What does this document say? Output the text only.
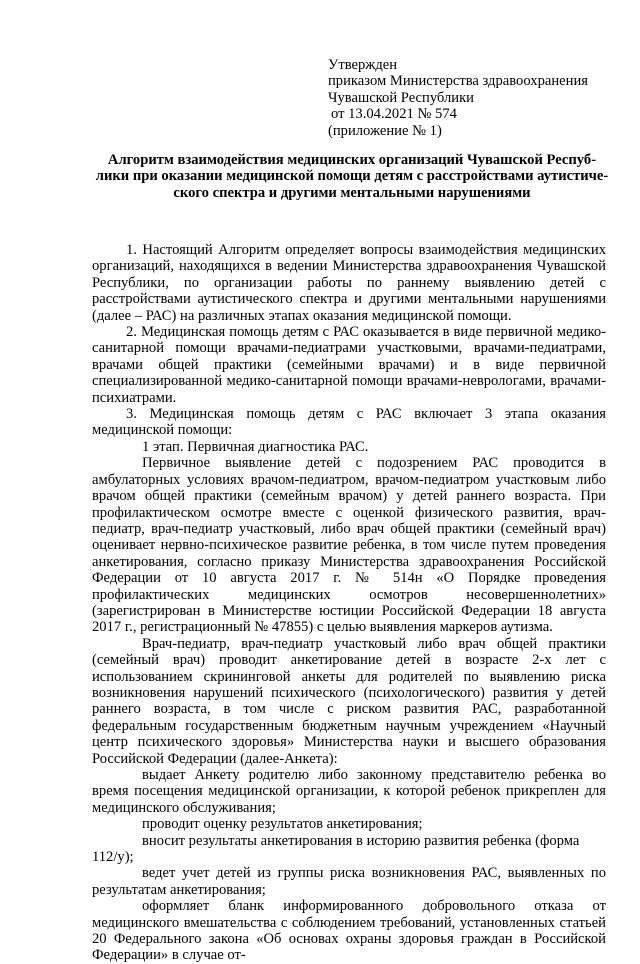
Утвержден
приказом Министерства здравоохранения
Чувашской Республики
от 13.04.2021 № 574
(приложение № 1)
Алгоритм взаимодействия медицинских организаций Чувашской Респуб-
лики при оказании медицинской помощи детям с расстройствами аутистиче-
ского спектра и другими ментальными нарушениями

1. Настоящий Алгоритм определяет вопросы взаимодействия медицинских организаций, находящихся в ведении Министерства здравоохранения Чувашской Республики, по организации работы по раннему выявлению детей с расстройствами аутистического спектра и другими ментальными нарушениями (далее – РАС) на различных этапах оказания медицинской помощи.

2. Медицинская помощь детям с РАС оказывается в виде первичной медико-санитарной помощи врачами-педиатрами участковыми, врачами-педиатрами, врачами общей практики (семейными врачами) и в виде первичной специализированной медико-санитарной помощи врачами-неврологами, врачами-психиатрами.

3. Медицинская помощь детям с РАС включает 3 этапа оказания медицинской помощи:

1 этап. Первичная диагностика РАС.

Первичное выявление детей с подозрением РАС проводится в амбулаторных условиях врачом-педиатром, врачом-педиатром участковым либо врачом общей практики (семейным врачом) у детей раннего возраста. При профилактическом осмотре вместе с оценкой физического развития, врач-педиатр, врач-педиатр участковый, либо врач общей практики (семейный врач) оценивает нервно-психическое развитие ребенка, в том числе путем проведения анкетирования, согласно приказу Министерства здравоохранения Российской Федерации от 10 августа 2017 г. № 514н «О Порядке проведения профилактических медицинских осмотров несовершеннолетних» (зарегистрирован в Министерстве юстиции Российской Федерации 18 августа 2017 г., регистрационный № 47855) с целью выявления маркеров аутизма.

Врач-педиатр, врач-педиатр участковый либо врач общей практики (семейный врач) проводит анкетирование детей в возрасте 2-х лет с использованием скрининговой анкеты для родителей по выявлению риска возникновения нарушений психического (психологического) развития у детей раннего возраста, в том числе с риском развития РАС, разработанной федеральным государственным бюджетным научным учреждением «Научный центр психического здоровья» Министерства науки и высшего образования Российской Федерации (далее-Анкета):

выдает Анкету родителю либо законному представителю ребенка во время посещения медицинской организации, к которой ребенок прикреплен для медицинского обслуживания;

проводит оценку результатов анкетирования;

вносит результаты анкетирования в историю развития ребенка (форма 112/у);

ведет учет детей из группы риска возникновения РАС, выявленных по результатам анкетирования;

оформляет бланк информированного добровольного отказа от медицинского вмешательства с соблюдением требований, установленных статьей 20 Федерального закона «Об основах охраны здоровья граждан в Российской Федерации» в случае от-
